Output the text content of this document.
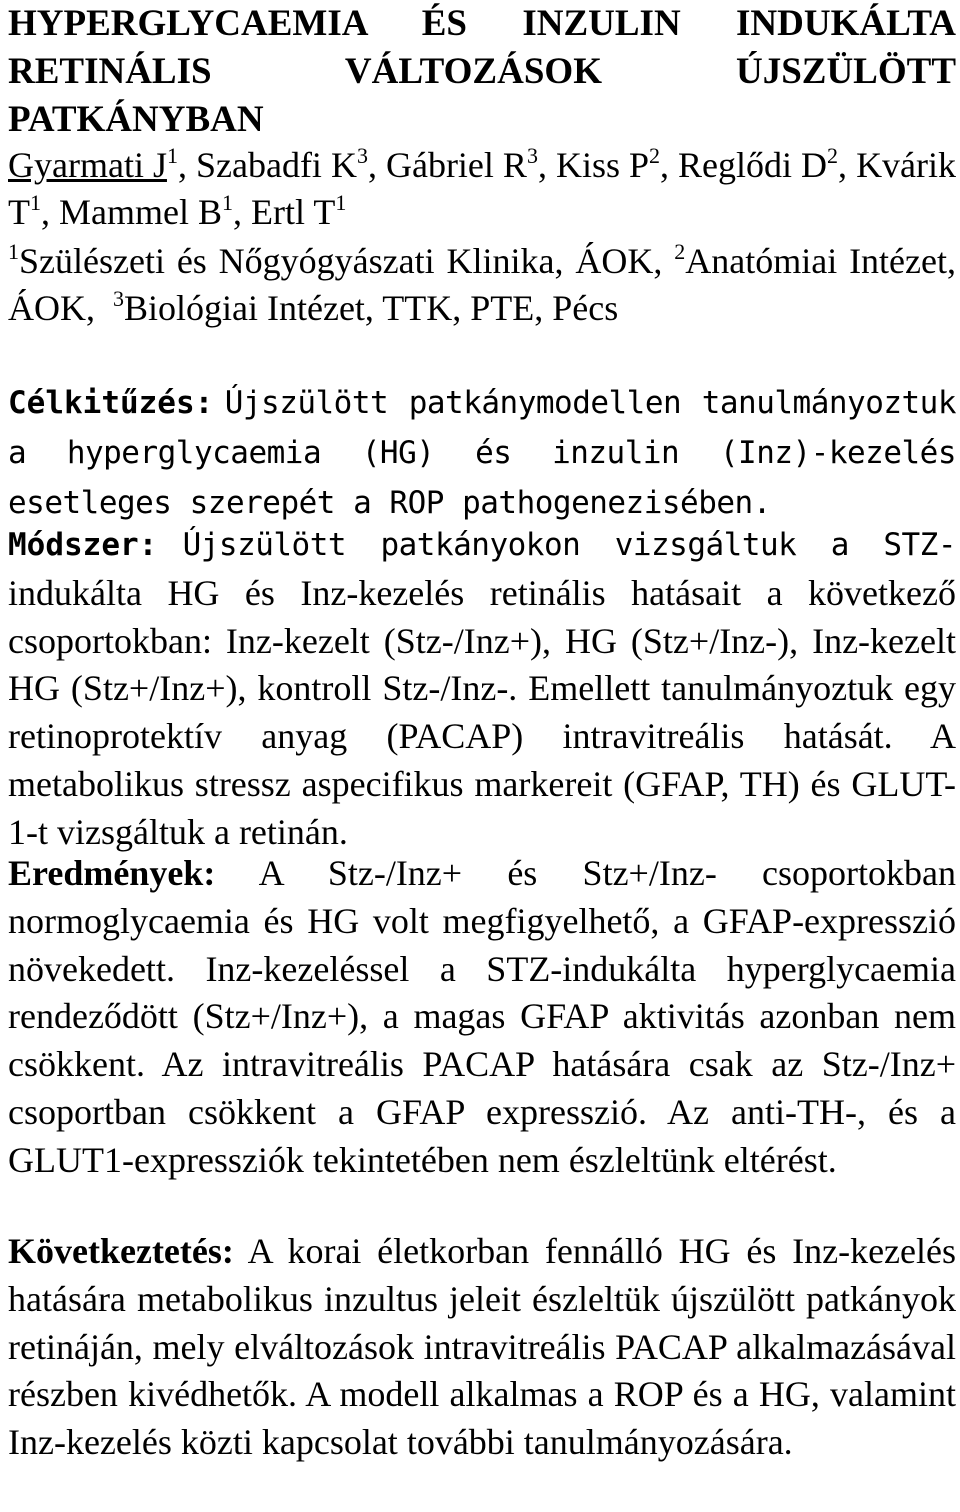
HYPERGLYCAEMIA ÉS INZULIN INDUKÁLTA RETINÁLIS VÁLTOZÁSOK ÚJSZÜLÖTT PATKÁNYBAN
Gyarmati $J^1$, Szabadfi $K^3$, Gábriel $R^3$, Kiss $P^2$, Reglődi $D^2$, Kvárik $T^1$, Mammel $B^1$, Ertl $T^1$
$^1$Szülészeti és Nőgyógyászati Klinika, ÁOK, $^2$Anatómiai Intézet, ÁOK, $^3$Biológiai Intézet, TTK, PTE, Pécs
Célkitűzés: Újszülött patkánymodellen tanulmányoztuk a hyperglycaemia (HG) és inzulin (Inz)-kezelés esetleges szerepét a ROP pathogenezisében.
Módszer: Újszülött patkányokon vizsgáltuk a STZ-indukálta HG és Inz-kezelés retinális hatásait a következő csoportokban: Inz-kezelt (Stz-/Inz+), HG (Stz+/Inz-), Inz-kezelt HG (Stz+/Inz+), kontroll Stz-/Inz-. Emellett tanulmányoztuk egy retinoprotektív anyag (PACAP) intravitreális hatását. A metabolikus stressz aspecifikus markereit (GFAP, TH) és GLUT-1-t vizsgáltuk a retinán.
Eredmények: A Stz-/Inz+ és Stz+/Inz- csoportokban normoglycaemia és HG volt megfigyelhető, a GFAP-expresszió növekedett. Inz-kezeléssel a STZ-indukálta hyperglycaemia rendeződött (Stz+/Inz+), a magas GFAP aktivitás azonban nem csökkent. Az intravitreális PACAP hatására csak az Stz-/Inz+ csoportban csökkent a GFAP expresszió. Az anti-TH-, és a GLUT1-expressziók tekintetében nem észleltünk eltérést.
Következtetés: A korai életkorban fennálló HG és Inz-kezelés hatására metabolikus inzultus jeleit észleltük újszülött patkányok retináján, mely elváltozások intravitreális PACAP alkalmazásával részben kivédhetők. A modell alkalmas a ROP és a HG, valamint Inz-kezelés közti kapcsolat további tanulmányozására.
